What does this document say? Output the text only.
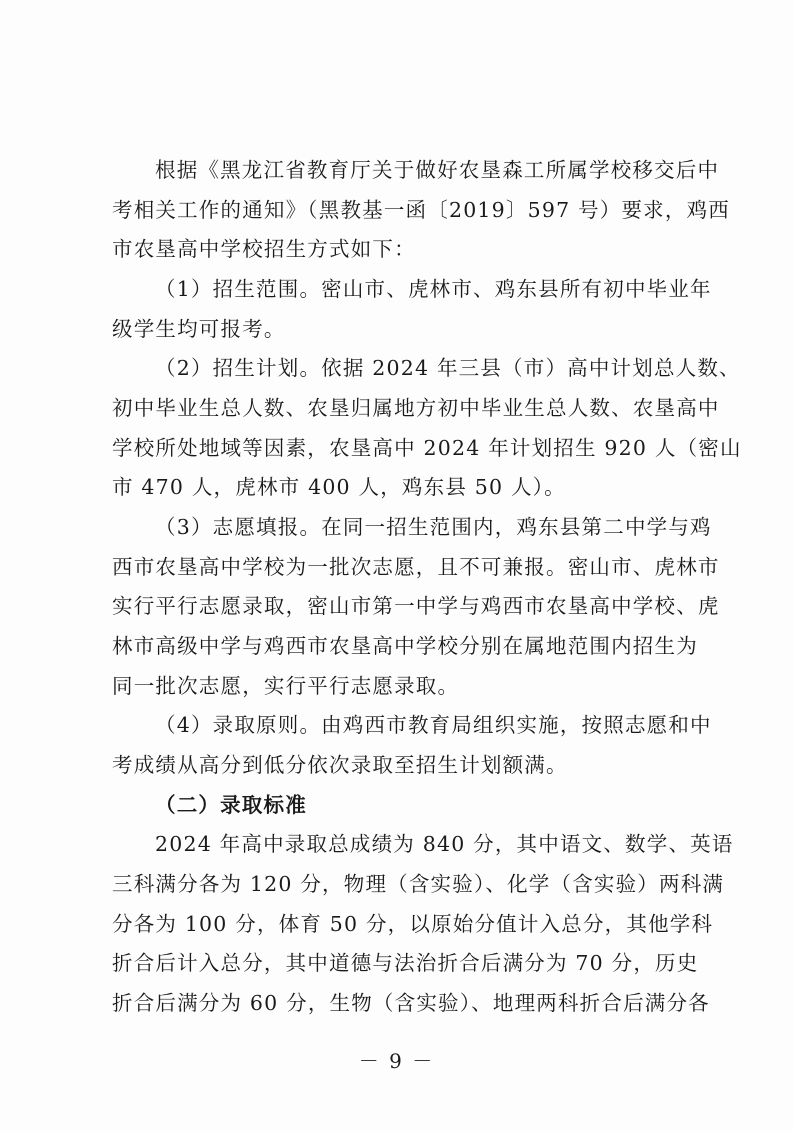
根据《黑龙江省教育厅关于做好农垦森工所属学校移交后中
考相关工作的通知》（黑教基一函〔2019〕597 号）要求，鸡西
市农垦高中学校招生方式如下：
（1）招生范围。密山市、虎林市、鸡东县所有初中毕业年
级学生均可报考。
（2）招生计划。依据 2024 年三县（市）高中计划总人数、
初中毕业生总人数、农垦归属地方初中毕业生总人数、农垦高中
学校所处地域等因素，农垦高中 2024 年计划招生 920 人（密山
市 470 人，虎林市 400 人，鸡东县 50 人）。
（3）志愿填报。在同一招生范围内，鸡东县第二中学与鸡
西市农垦高中学校为一批次志愿，且不可兼报。密山市、虎林市
实行平行志愿录取，密山市第一中学与鸡西市农垦高中学校、虎
林市高级中学与鸡西市农垦高中学校分别在属地范围内招生为
同一批次志愿，实行平行志愿录取。
（4）录取原则。由鸡西市教育局组织实施，按照志愿和中
考成绩从高分到低分依次录取至招生计划额满。
（二）录取标准
2024 年高中录取总成绩为 840 分，其中语文、数学、英语
三科满分各为 120 分，物理（含实验）、化学（含实验）两科满
分各为 100 分，体育 50 分，以原始分值计入总分，其他学科
－ 9 －
折合后计入总分，其中道德与法治折合后满分为 70 分，历史
折合后满分为 60 分，生物（含实验）、地理两科折合后满分各
